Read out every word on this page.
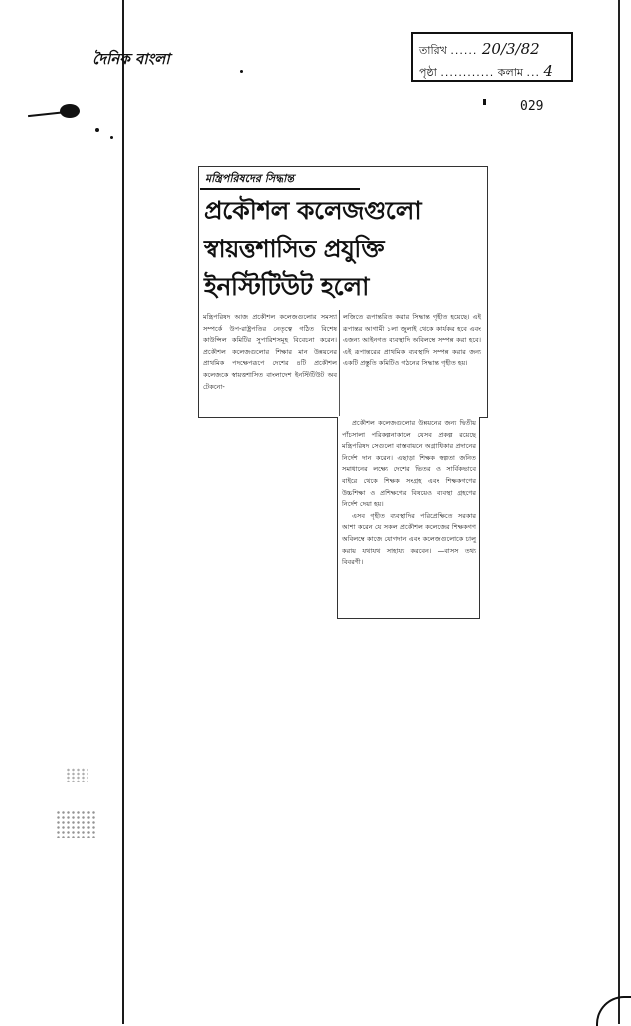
দৈনিক বাংলা	তারিখ ...... 20/3/82
পৃষ্ঠা ............ কলাম ... 4
029
মন্ত্রিপরিষদের সিদ্ধান্ত
প্রকৌশল কলেজগুলো
স্বায়ত্তশাসিত প্রযুক্তি
ইনস্টিটিউট হলো
মন্ত্রিপরিষদ আজ প্রকৌশল কলেজগুলোর সমস্যা সম্পর্কে উপ-রাষ্ট্রপতির নেতৃত্বে গঠিত বিশেষ কাউন্সিল কমিটির সুপারিশসমূহ বিবেচনা করেন। প্রকৌশল কলেজগুলোর শিক্ষার মান উন্নয়নের প্রাথমিক পদক্ষেপরূপে দেশের ৪টি প্রকৌশল কলেজকে স্বায়ত্তশাসিত বাংলাদেশ ইনস্টিটিউট অব টেকনো-
লজিতে রূপান্তরিত করার সিদ্ধান্ত গৃহীত হয়েছে। এই রূপান্তর আগামী ১লা জুলাই থেকে কার্যকর হবে এবং এজন্য আইনগত ব্যবস্থাদি অবিলম্বে সম্পন্ন করা হবে। এই রূপান্তরের প্রাথমিক ব্যবস্থাদি সম্পন্ন করার জন্য একটি প্রস্তুতি কমিটিও গঠনের সিদ্ধান্ত গৃহীত হয়।

প্রকৌশল কলেজগুলোর উন্নয়নের জন্য দ্বিতীয় পাঁচসালা পরিকল্পনাকালে যেসব প্রকল্প রয়েছে মন্ত্রিপরিষদ সেগুলো বাস্তবায়নে অগ্রাধিকার প্রদানের নির্দেশ দান করেন। এছাড়া শিক্ষক স্বল্পতা জনিত সমাধানের লক্ষ্যে দেশের ভিতর ও সার্বিকভাবে বাইরে থেকে শিক্ষক সংগ্রহ এবং শিক্ষকগণের উচ্চশিক্ষা ও প্রশিক্ষণের বিষয়েও ব্যবস্থা গ্রহণের নির্দেশ দেয়া হয়।

এসব গৃহীত ব্যবস্থাদির পরিপ্রেক্ষিতে সরকার আশা করেন যে সকল প্রকৌশল কলেজের শিক্ষকগণ অবিলম্বে কাজে যোগদান এবং কলেজগুলোকে চালু করায় যথাযথ সাহায্য করবেন। —বাসস তথ্য বিবরণী।
